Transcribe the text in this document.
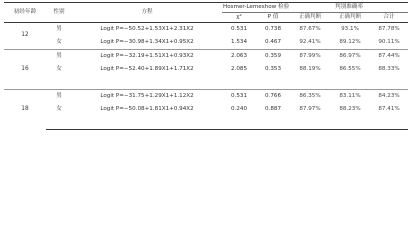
初经年龄	性别	方程	Hosmer-Lemeshow 检验		判别准确率		
			χ²	P 值	正确判断	正确判断	合计
12	男	Logit P=−50.52+1.53X1+2.31X2	0.531	0.738	87.67%	93.1%	87.78%
	女	Logit P=−30.98+1.34X1+0.95X2	1.534	0.467	92.41%	89.12%	90.11%
16	男	Logit P=−32.19+1.51X1+0.93X2	2.063	0.359	87.99%	86.97%	87.44%
	女	Logit P=−52.40+1.89X1+1.71X2	2.085	0.353	88.19%	86.55%	88.33%

18	男	Logit P=−31.75+1.29X1+1.12X2	0.531	0.766	86.35%	83.11%	84.23%
	女	Logit P=−50.08+1.81X1+0.94X2	0.240	0.887	87.97%	88.23%	87.41%
